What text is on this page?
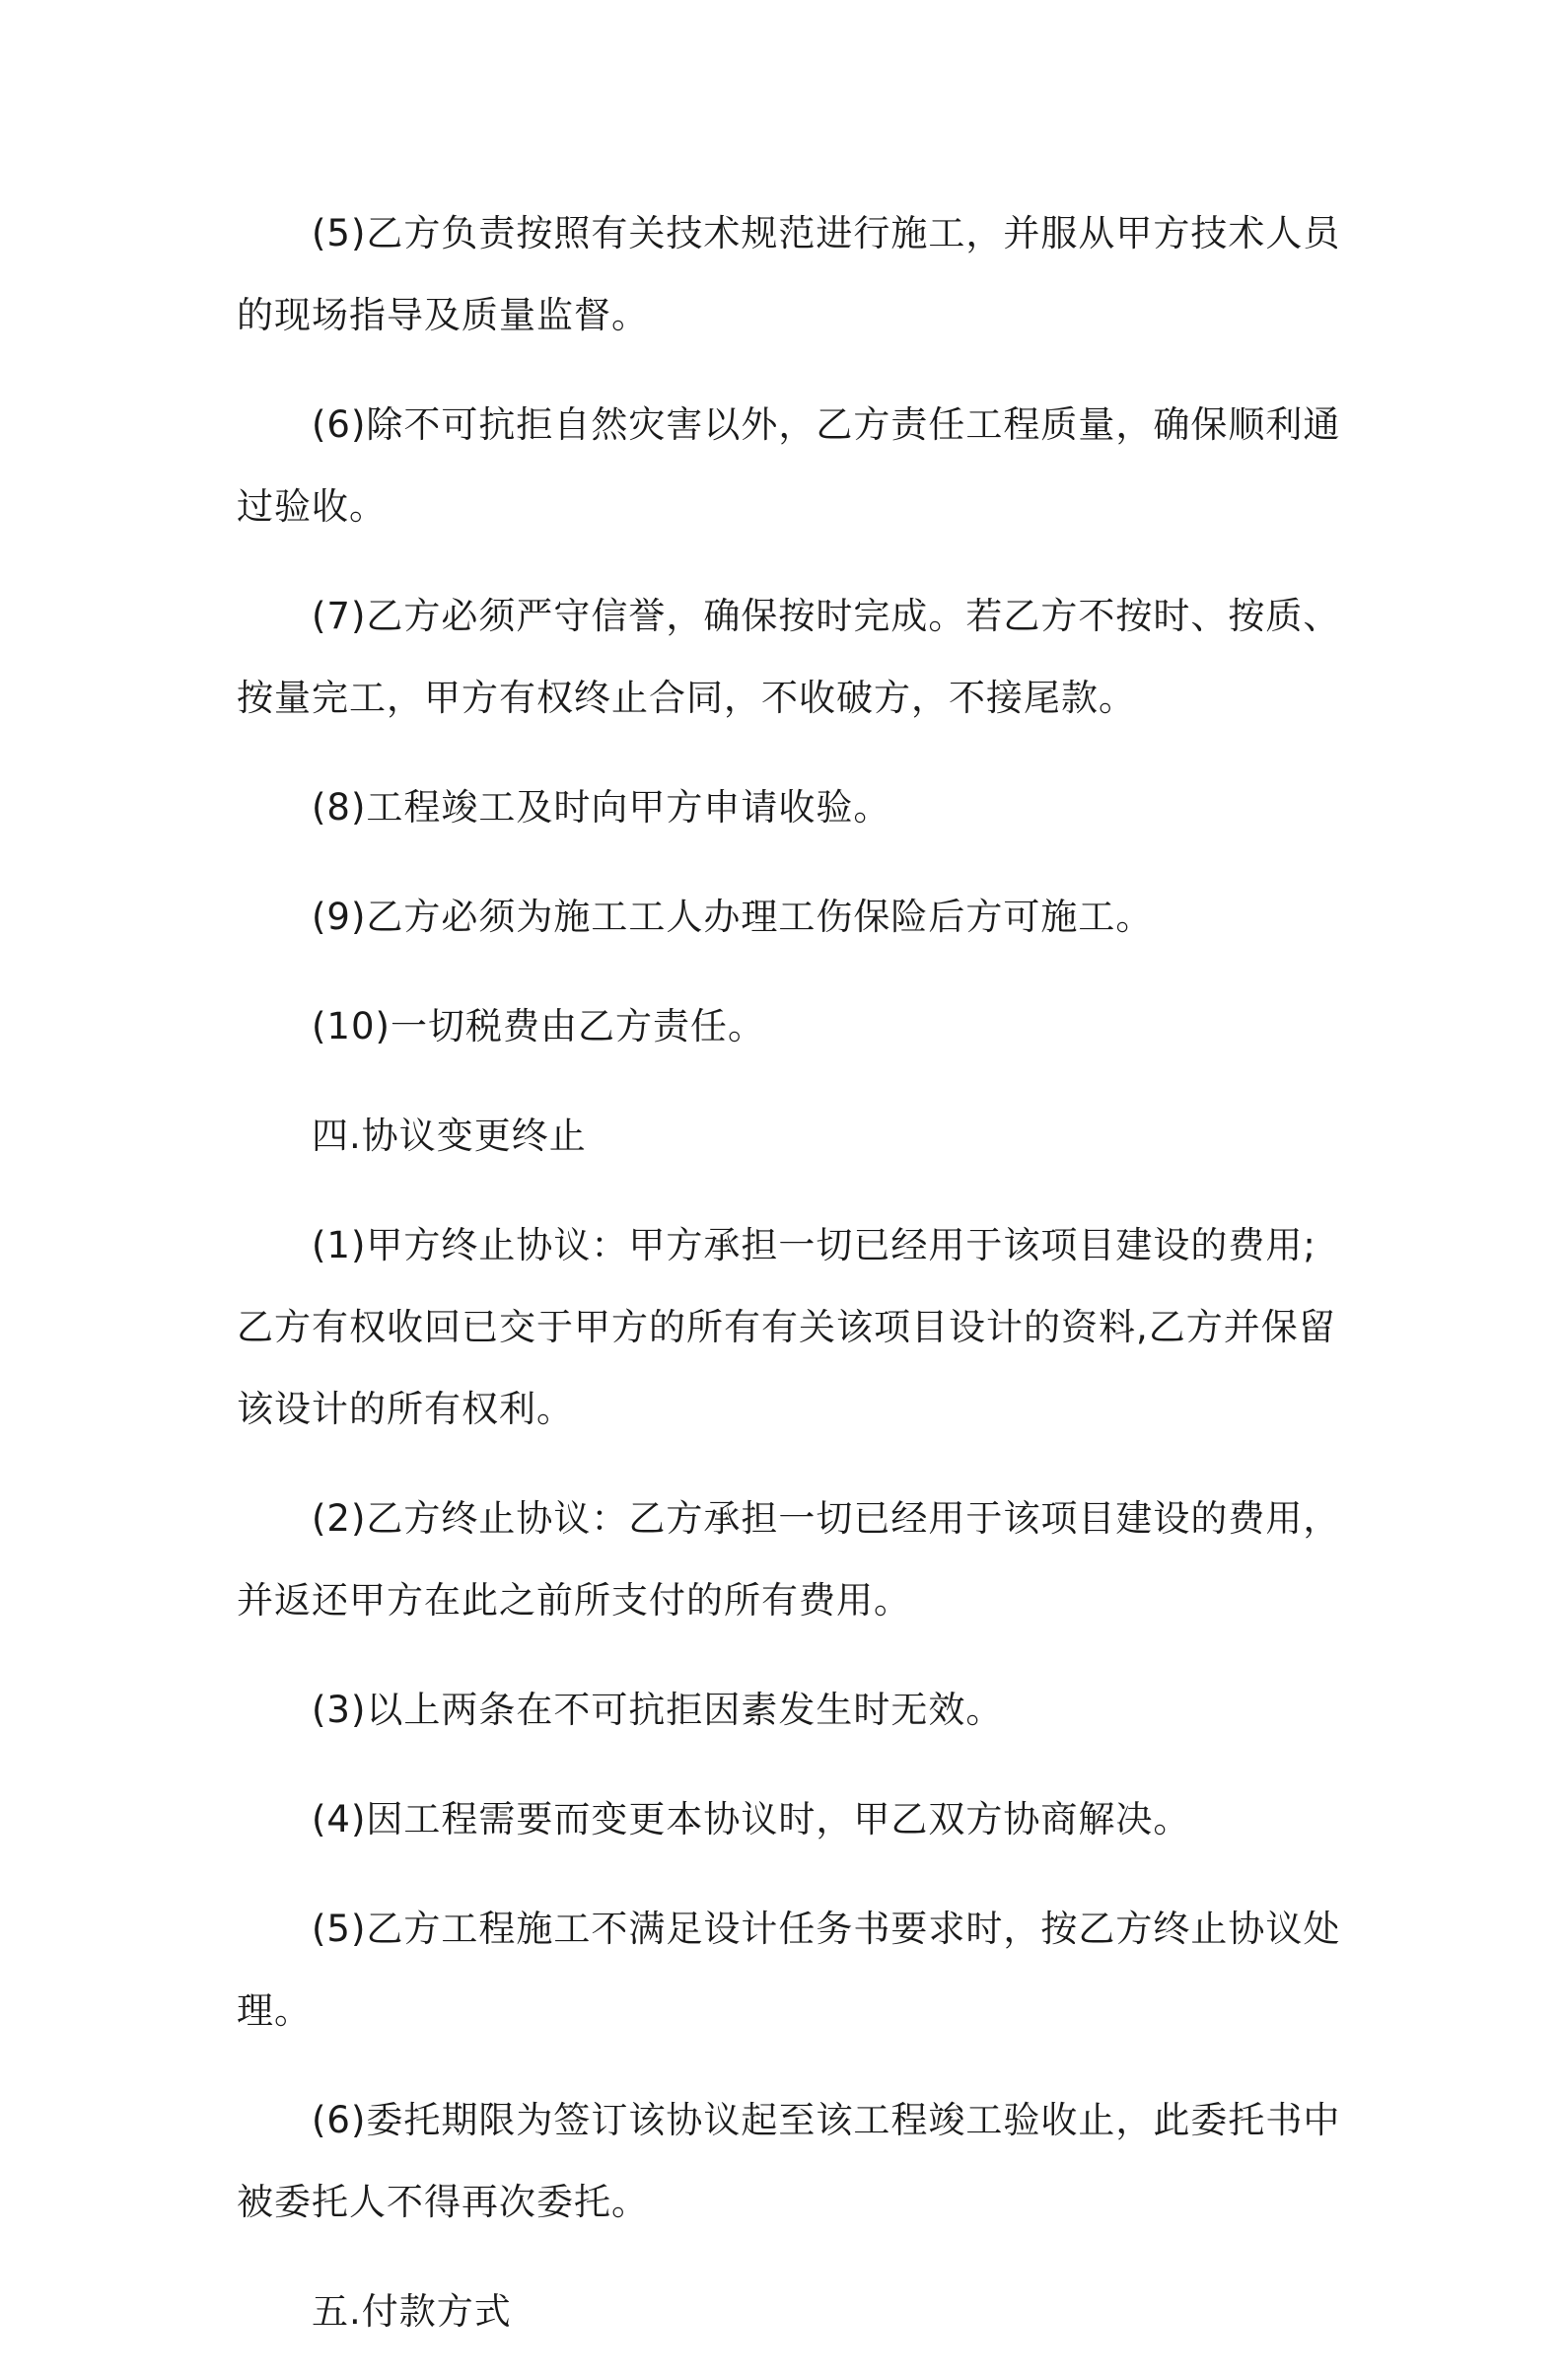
(5)乙方负责按照有关技术规范进行施工，并服从甲方技术人员的现场指导及质量监督。

(6)除不可抗拒自然灾害以外，乙方责任工程质量，确保顺利通过验收。

(7)乙方必须严守信誉，确保按时完成。若乙方不按时、按质、按量完工，甲方有权终止合同，不收破方，不接尾款。

(8)工程竣工及时向甲方申请收验。

(9)乙方必须为施工工人办理工伤保险后方可施工。

(10)一切税费由乙方责任。

四.协议变更终止

(1)甲方终止协议：甲方承担一切已经用于该项目建设的费用;乙方有权收回已交于甲方的所有有关该项目设计的资料,乙方并保留该设计的所有权利。

(2)乙方终止协议：乙方承担一切已经用于该项目建设的费用，并返还甲方在此之前所支付的所有费用。

(3)以上两条在不可抗拒因素发生时无效。

(4)因工程需要而变更本协议时，甲乙双方协商解决。

(5)乙方工程施工不满足设计任务书要求时，按乙方终止协议处理。

(6)委托期限为签订该协议起至该工程竣工验收止，此委托书中被委托人不得再次委托。

五.付款方式
